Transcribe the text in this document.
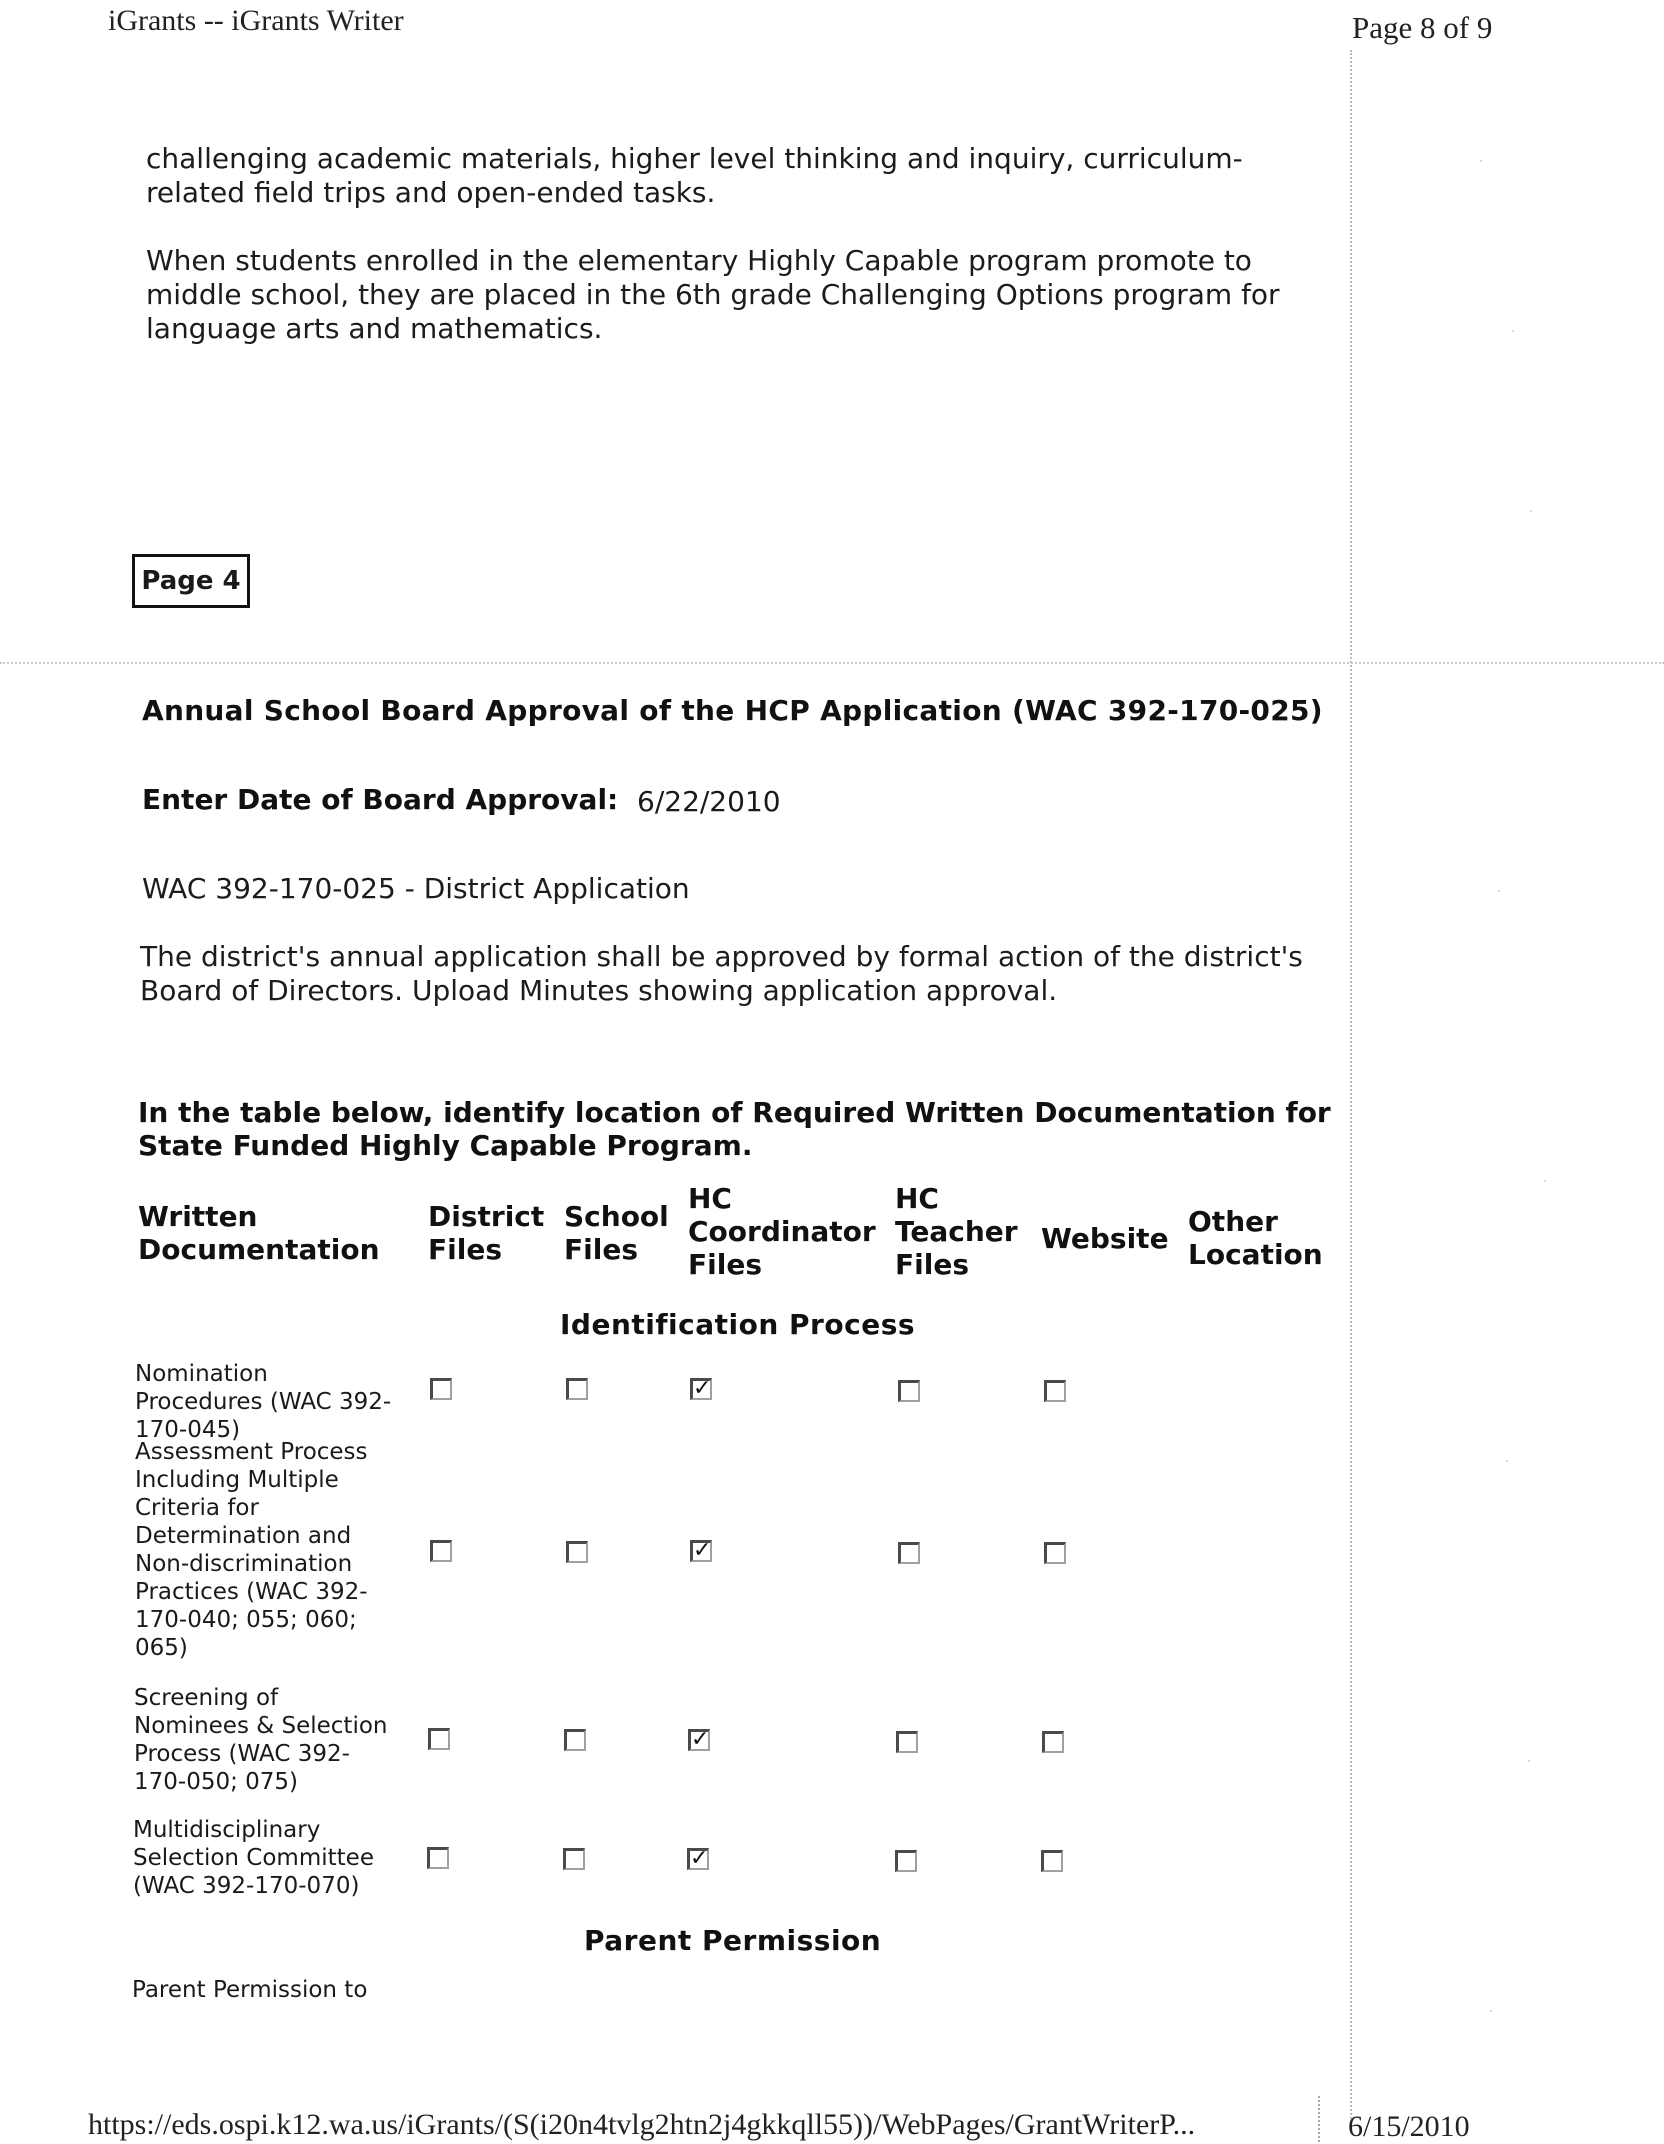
iGrants -- iGrants Writer	Page 8 of 9
challenging academic materials, higher level thinking and inquiry, curriculum-related field trips and open-ended tasks.
When students enrolled in the elementary Highly Capable program promote to middle school, they are placed in the 6th grade Challenging Options program for language arts and mathematics.
Page 4
Annual School Board Approval of the HCP Application (WAC 392-170-025)
Enter Date of Board Approval: 6/22/2010
WAC 392-170-025 - District Application
The district's annual application shall be approved by formal action of the district's Board of Directors. Upload Minutes showing application approval.
In the table below, identify location of Required Written Documentation for State Funded Highly Capable Program.
Written Documentation
District Files
School Files
HC Coordinator Files
HC Teacher Files
Website
Other Location
Identification Process
Nomination Procedures (WAC 392-170-045)
✓
Assessment Process Including Multiple Criteria for Determination and Non-discrimination Practices (WAC 392-170-040; 055; 060; 065)
✓
Screening of Nominees & Selection Process (WAC 392-170-050; 075)
✓
Multidisciplinary Selection Committee (WAC 392-170-070)
✓
Parent Permission
Parent Permission to
https://eds.ospi.k12.wa.us/iGrants/(S(i20n4tvlg2htn2j4gkkqll55))/WebPages/GrantWriterP...	6/15/2010
